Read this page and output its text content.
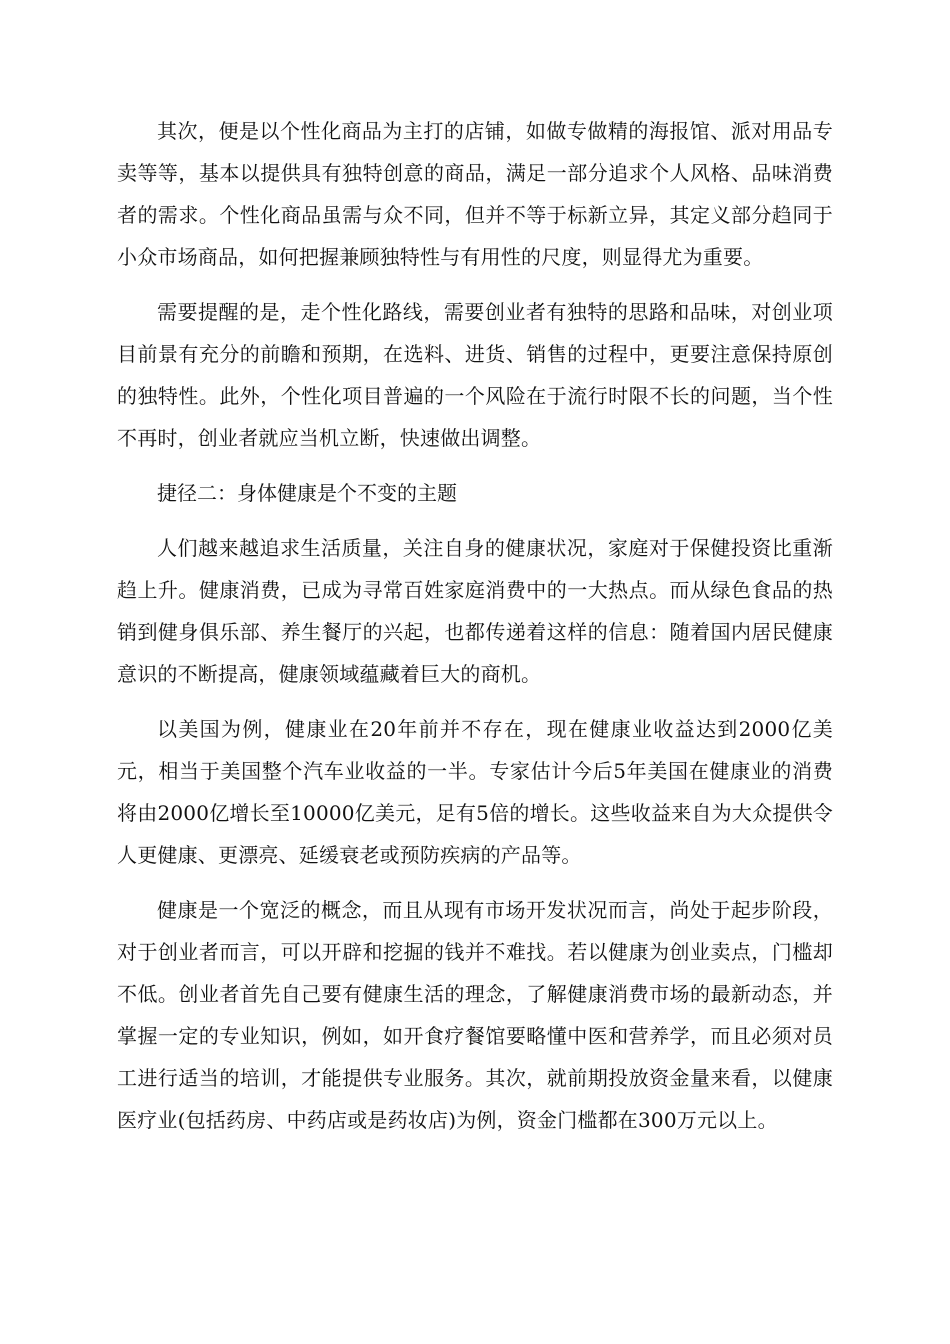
其次，便是以个性化商品为主打的店铺，如做专做精的海报馆、派对用品专卖等等，基本以提供具有独特创意的商品，满足一部分追求个人风格、品味消费者的需求。个性化商品虽需与众不同，但并不等于标新立异，其定义部分趋同于小众市场商品，如何把握兼顾独特性与有用性的尺度，则显得尤为重要。

需要提醒的是，走个性化路线，需要创业者有独特的思路和品味，对创业项目前景有充分的前瞻和预期，在选料、进货、销售的过程中，更要注意保持原创的独特性。此外，个性化项目普遍的一个风险在于流行时限不长的问题，当个性不再时，创业者就应当机立断，快速做出调整。

捷径二：身体健康是个不变的主题

人们越来越追求生活质量，关注自身的健康状况，家庭对于保健投资比重渐趋上升。健康消费，已成为寻常百姓家庭消费中的一大热点。而从绿色食品的热销到健身俱乐部、养生餐厅的兴起，也都传递着这样的信息：随着国内居民健康意识的不断提高，健康领域蕴藏着巨大的商机。

以美国为例，健康业在20年前并不存在，现在健康业收益达到2000亿美元，相当于美国整个汽车业收益的一半。专家估计今后5年美国在健康业的消费将由2000亿增长至10000亿美元，足有5倍的增长。这些收益来自为大众提供令人更健康、更漂亮、延缓衰老或预防疾病的产品等。

健康是一个宽泛的概念，而且从现有市场开发状况而言，尚处于起步阶段，对于创业者而言，可以开辟和挖掘的钱并不难找。若以健康为创业卖点，门槛却不低。创业者首先自己要有健康生活的理念，了解健康消费市场的最新动态，并掌握一定的专业知识，例如，如开食疗餐馆要略懂中医和营养学，而且必须对员工进行适当的培训，才能提供专业服务。其次，就前期投放资金量来看，以健康医疗业(包括药房、中药店或是药妆店)为例，资金门槛都在300万元以上。
